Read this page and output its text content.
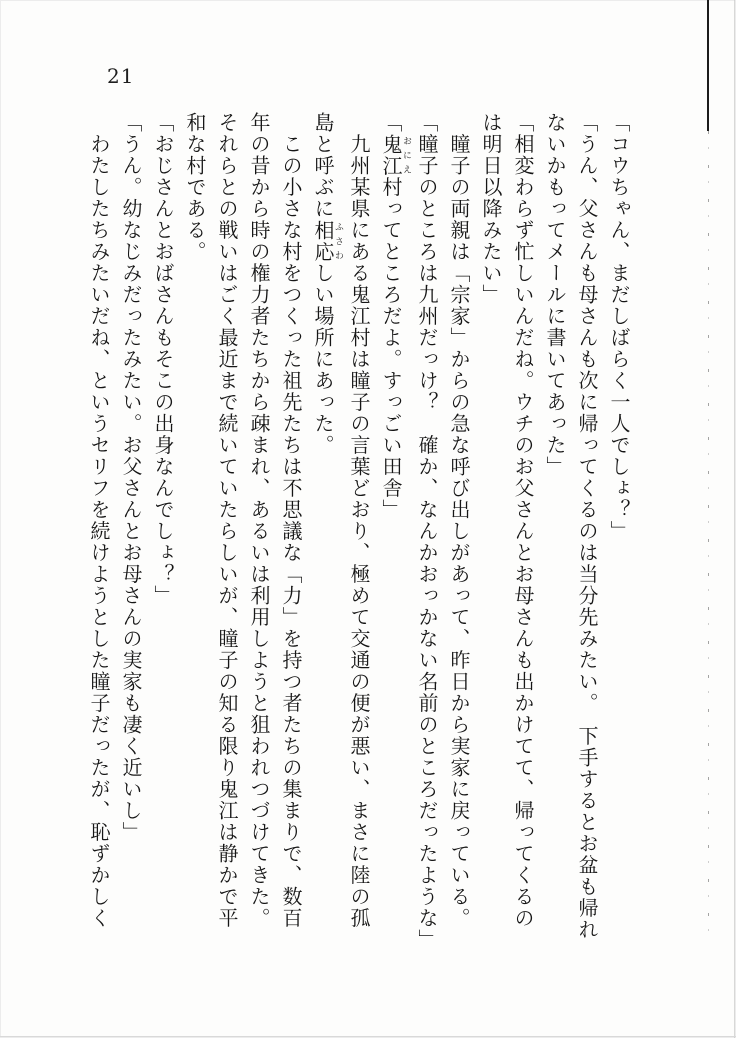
21
「コウちゃん、まだしばらく一人でしょ？」
「うん、父さんも母さんも次に帰ってくるのは当分先みたい。　下手するとお盆も帰れ
ないかもってメールに書いてあった」
「相変わらず忙しいんだね。ウチのお父さんとお母さんも出かけてて、帰ってくるの
は明日以降みたい」
　瞳子の両親は「宗家」からの急な呼び出しがあって、昨日から実家に戻っている。
「瞳子のところは九州だっけ？　確か、なんかおっかない名前のところだったような」
「鬼江おにえ村ってところだよ。すっごい田舎」
　九州某県にある鬼江村は瞳子の言葉どおり、極めて交通の便が悪い、まさに陸の孤
島と呼ぶに相応ふさわしい場所にあった。
　この小さな村をつくった祖先たちは不思議な「力」を持つ者たちの集まりで、数百
年の昔から時の権力者たちから疎まれ、あるいは利用しようと狙われつづけてきた。
それらとの戦いはごく最近まで続いていたらしいが、瞳子の知る限り鬼江は静かで平
和な村である。
「おじさんとおばさんもそこの出身なんでしょ？」
「うん。幼なじみだったみたい。お父さんとお母さんの実家も凄く近いし」
　わたしたちみたいだね、というセリフを続けようとした瞳子だったが、恥ずかしく
